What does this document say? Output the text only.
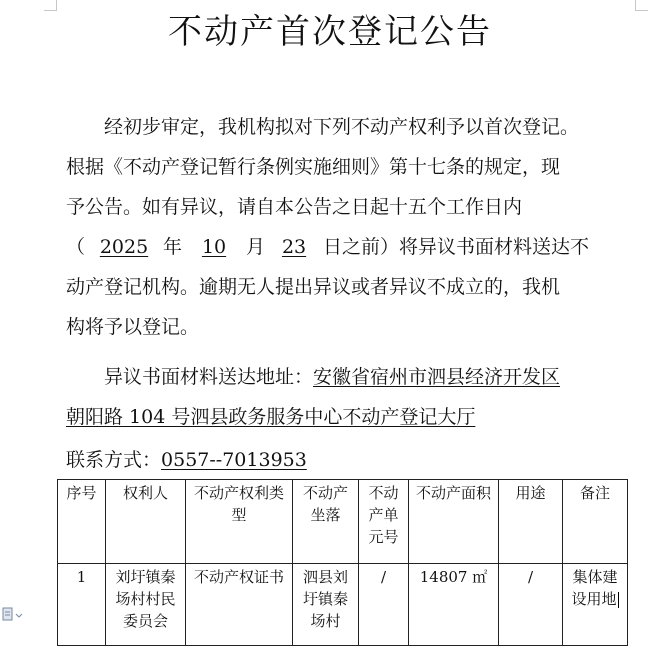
不动产首次登记公告
经初步审定，我机构拟对下列不动产权利予以首次登记。
根据《不动产登记暂行条例实施细则》第十七条的规定，现
予公告。如有异议，请自本公告之日起十五个工作日内
（ 2025 年 10 月 23 日之前）将异议书面材料送达不
动产登记机构。逾期无人提出异议或者异议不成立的，我机
构将予以登记。
异议书面材料送达地址：安徽省宿州市泗县经济开发区
朝阳路 104 号泗县政务服务中心不动产登记大厅
联系方式：0557--7013953
序号	权利人	不动产权利类型	不动产坐落	不动产单元号	不动产面积	用途	备注
1	刘圩镇秦场村村民委员会	不动产权证书	泗县刘圩镇秦场村	/	14807 ㎡	/	集体建设用地
